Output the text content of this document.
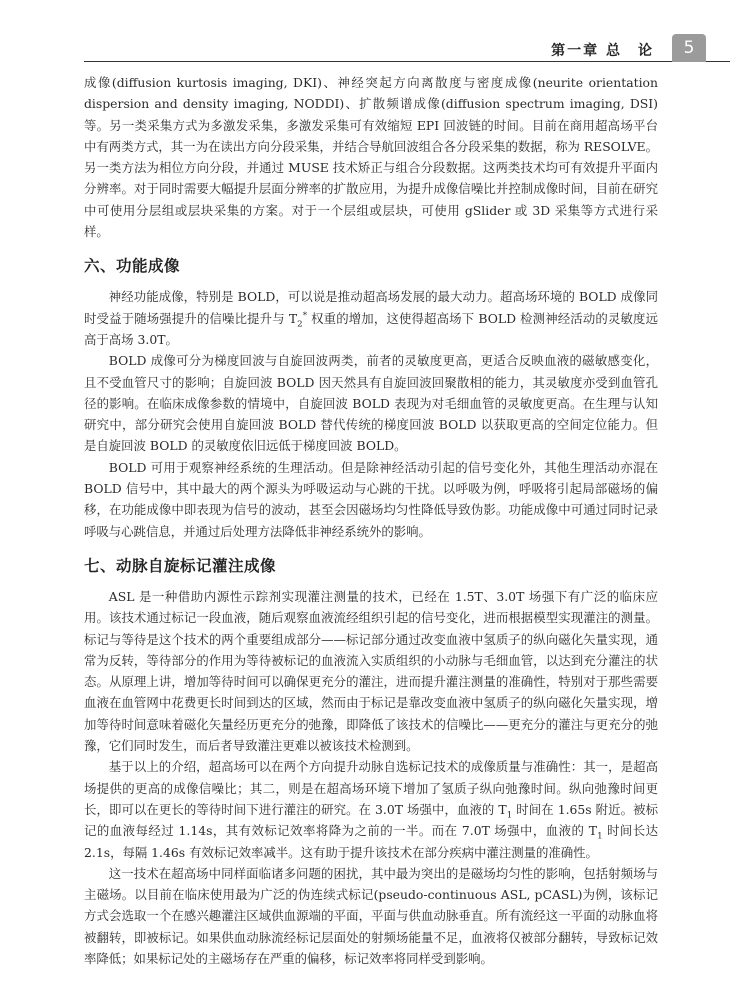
第一章 总　论	5

成像(diffusion kurtosis imaging, DKI)、神经突起方向离散度与密度成像(neurite orientation dispersion and density imaging, NODDI)、扩散频谱成像(diffusion spectrum imaging, DSI)等。另一类采集方式为多激发采集，多激发采集可有效缩短 EPI 回波链的时间。目前在商用超高场平台中有两类方式，其一为在读出方向分段采集，并结合导航回波组合各分段采集的数据，称为 RESOLVE。另一类方法为相位方向分段，并通过 MUSE 技术矫正与组合分段数据。这两类技术均可有效提升平面内分辨率。对于同时需要大幅提升层面分辨率的扩散应用，为提升成像信噪比并控制成像时间，目前在研究中可使用分层组或层块采集的方案。对于一个层组或层块，可使用 gSlider 或 3D 采集等方式进行采样。

六、功能成像

神经功能成像，特别是 BOLD，可以说是推动超高场发展的最大动力。超高场环境的 BOLD 成像同时受益于随场强提升的信噪比提升与 $T_2^*$ 权重的增加，这使得超高场下 BOLD 检测神经活动的灵敏度远高于高场 3.0T。

BOLD 成像可分为梯度回波与自旋回波两类，前者的灵敏度更高，更适合反映血液的磁敏感变化，且不受血管尺寸的影响；自旋回波 BOLD 因天然具有自旋回波回聚散相的能力，其灵敏度亦受到血管孔径的影响。在临床成像参数的情境中，自旋回波 BOLD 表现为对毛细血管的灵敏度更高。在生理与认知研究中，部分研究会使用自旋回波 BOLD 替代传统的梯度回波 BOLD 以获取更高的空间定位能力。但是自旋回波 BOLD 的灵敏度依旧远低于梯度回波 BOLD。

BOLD 可用于观察神经系统的生理活动。但是除神经活动引起的信号变化外，其他生理活动亦混在 BOLD 信号中，其中最大的两个源头为呼吸运动与心跳的干扰。以呼吸为例，呼吸将引起局部磁场的偏移，在功能成像中即表现为信号的波动，甚至会因磁场均匀性降低导致伪影。功能成像中可通过同时记录呼吸与心跳信息，并通过后处理方法降低非神经系统外的影响。

七、动脉自旋标记灌注成像

ASL 是一种借助内源性示踪剂实现灌注测量的技术，已经在 1.5T、3.0T 场强下有广泛的临床应用。该技术通过标记一段血液，随后观察血液流经组织引起的信号变化，进而根据模型实现灌注的测量。标记与等待是这个技术的两个重要组成部分——标记部分通过改变血液中氢质子的纵向磁化矢量实现，通常为反转，等待部分的作用为等待被标记的血液流入实质组织的小动脉与毛细血管，以达到充分灌注的状态。从原理上讲，增加等待时间可以确保更充分的灌注，进而提升灌注测量的准确性，特别对于那些需要血液在血管网中花费更长时间到达的区域，然而由于标记是靠改变血液中氢质子的纵向磁化矢量实现，增加等待时间意味着磁化矢量经历更充分的弛豫，即降低了该技术的信噪比——更充分的灌注与更充分的弛豫，它们同时发生，而后者导致灌注更难以被该技术检测到。

基于以上的介绍，超高场可以在两个方向提升动脉自选标记技术的成像质量与准确性：其一，是超高场提供的更高的成像信噪比；其二，则是在超高场环境下增加了氢质子纵向弛豫时间。纵向弛豫时间更长，即可以在更长的等待时间下进行灌注的研究。在 3.0T 场强中，血液的 $T_1$ 时间在 1.65s 附近。被标记的血液每经过 1.14s，其有效标记效率将降为之前的一半。而在 7.0T 场强中，血液的 $T_1$ 时间长达 2.1s，每隔 1.46s 有效标记效率减半。这有助于提升该技术在部分疾病中灌注测量的准确性。

这一技术在超高场中同样面临诸多问题的困扰，其中最为突出的是磁场均匀性的影响，包括射频场与主磁场。以目前在临床使用最为广泛的伪连续式标记(pseudo-continuous ASL, pCASL)为例，该标记方式会选取一个在感兴趣灌注区域供血源端的平面，平面与供血动脉垂直。所有流经这一平面的动脉血将被翻转，即被标记。如果供血动脉流经标记层面处的射频场能量不足，血液将仅被部分翻转，导致标记效率降低；如果标记处的主磁场存在严重的偏移，标记效率将同样受到影响。
